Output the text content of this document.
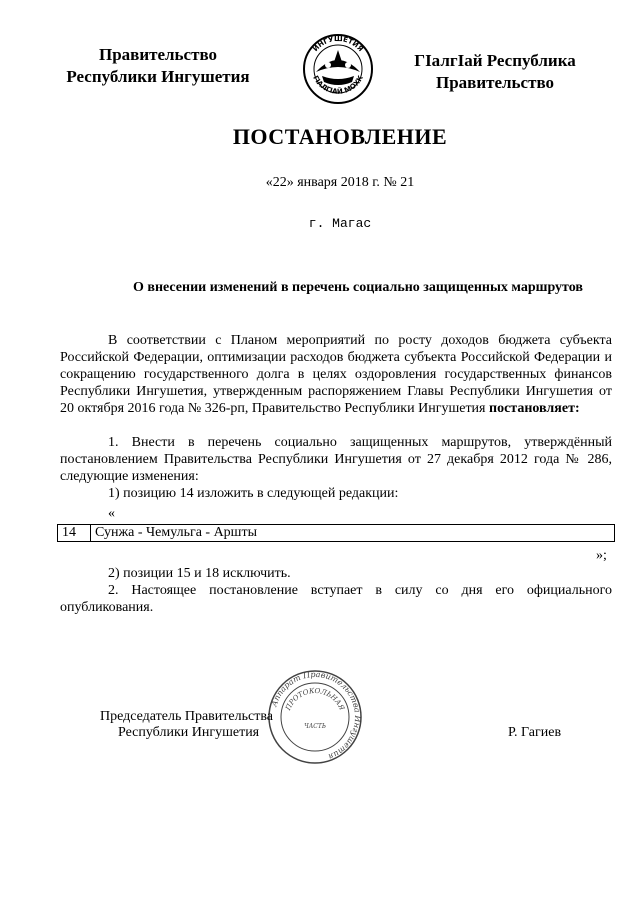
Правительство
Республики Ингушетия
ИНГУШЕТИЯ
ГIАЛГIАЙ МОХК
ГIалгIай Республика
Правительство
ПОСТАНОВЛЕНИЕ
«22» января 2018 г. № 21
г. Магас
О внесении изменений в перечень социально защищенных маршрутов

В соответствии с Планом мероприятий по росту доходов бюджета субъекта Российской Федерации, оптимизации расходов бюджета субъекта Российской Федерации и сокращению государственного долга в целях оздоровления государственных финансов Республики Ингушетия, утвержденным распоряжением Главы Республики Ингушетия от 20 октября 2016 года № 326-рп, Правительство Республики Ингушетия постановляет:

1. Внести в перечень социально защищенных маршрутов, утверждённый постановлением Правительства Республики Ингушетия от 27 декабря 2012 года № 286, следующие изменения:

1) позицию 14 изложить в следующей редакции:
«
14	Сунжа - Чемульга - Аршты
»;
2) позиции 15 и 18 исключить.

2. Настоящее постановление вступает в силу со дня его официального опубликования.

Председатель Правительства
Республики Ингушетия	Р. Гагиев
Аппарат Правительства Ингушетия
ПРОТОКОЛЬНАЯ
ЧАСТЬ
